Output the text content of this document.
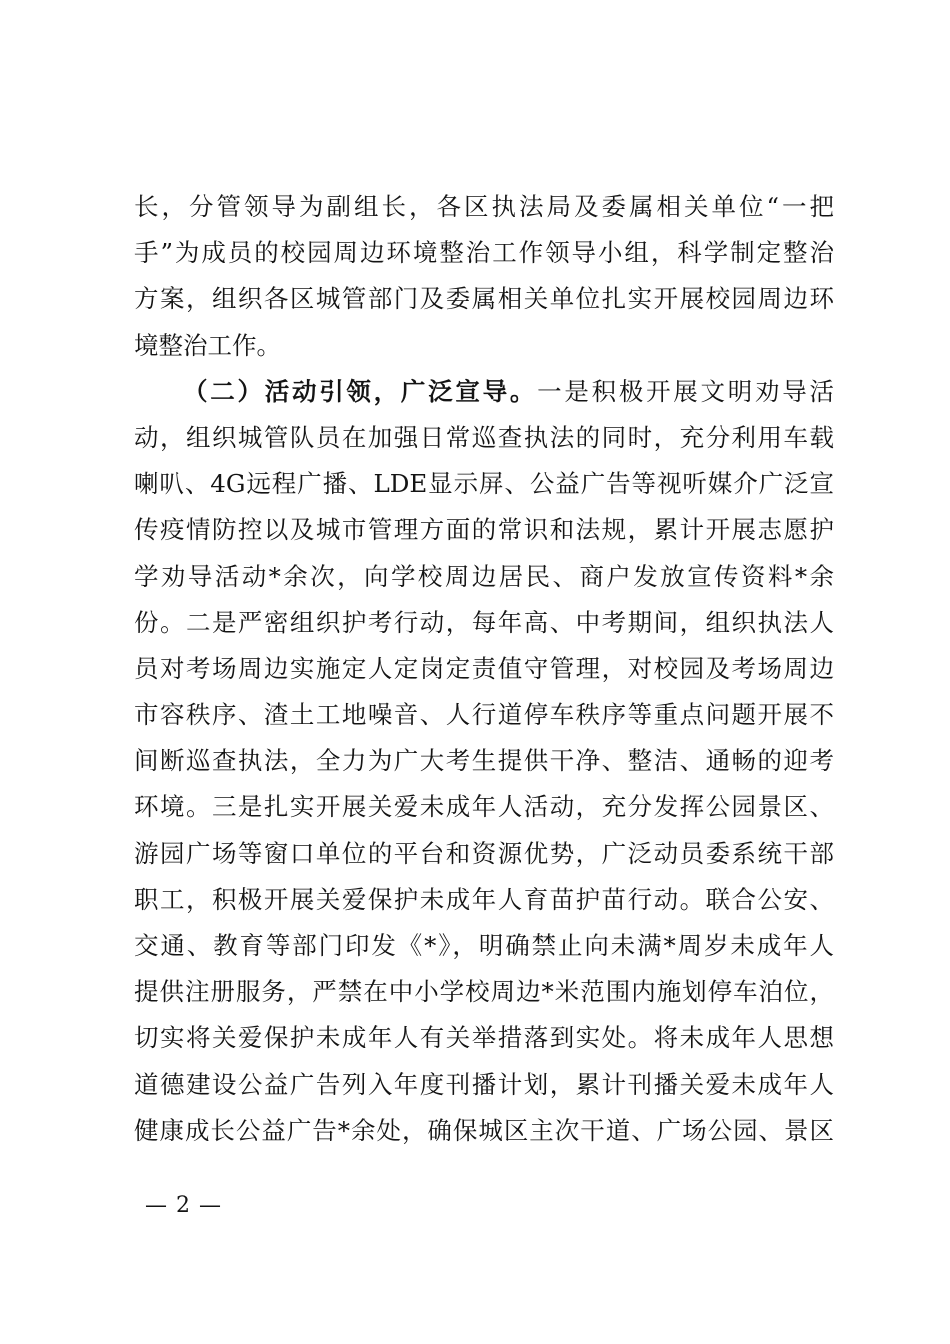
长，分管领导为副组长，各区执法局及委属相关单位“一把
手”为成员的校园周边环境整治工作领导小组，科学制定整治
方案，组织各区城管部门及委属相关单位扎实开展校园周边环
境整治工作。
（二）活动引领，广泛宣导。一是积极开展文明劝导活
动，组织城管队员在加强日常巡查执法的同时，充分利用车载
喇叭、4G远程广播、LDE显示屏、公益广告等视听媒介广泛宣
传疫情防控以及城市管理方面的常识和法规，累计开展志愿护
学劝导活动*余次，向学校周边居民、商户发放宣传资料*余
份。二是严密组织护考行动，每年高、中考期间，组织执法人
员对考场周边实施定人定岗定责值守管理，对校园及考场周边
市容秩序、渣土工地噪音、人行道停车秩序等重点问题开展不
间断巡查执法，全力为广大考生提供干净、整洁、通畅的迎考
环境。三是扎实开展关爱未成年人活动，充分发挥公园景区、
游园广场等窗口单位的平台和资源优势，广泛动员委系统干部
职工，积极开展关爱保护未成年人育苗护苗行动。联合公安、
交通、教育等部门印发《*》，明确禁止向未满*周岁未成年人
提供注册服务，严禁在中小学校周边*米范围内施划停车泊位，
切实将关爱保护未成年人有关举措落到实处。将未成年人思想
道德建设公益广告列入年度刊播计划，累计刊播关爱未成年人
健康成长公益广告*余处，确保城区主次干道、广场公园、景区
— 2 —
